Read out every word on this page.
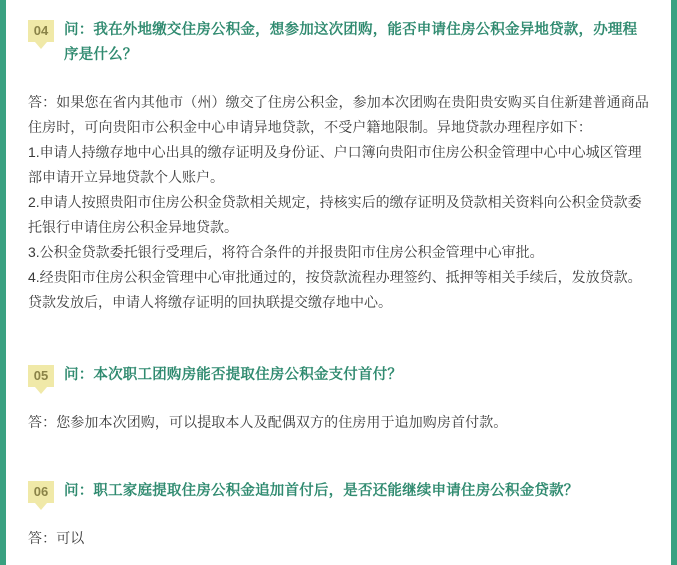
04	问：我在外地缴交住房公积金，想参加这次团购，能否申请住房公积金异地贷款，办理程序是什么？
答：如果您在省内其他市（州）缴交了住房公积金，参加本次团购在贵阳贵安购买自住新建普通商品住房时，可向贵阳市公积金中心申请异地贷款，不受户籍地限制。异地贷款办理程序如下：
1.申请人持缴存地中心出具的缴存证明及身份证、户口簿向贵阳市住房公积金管理中心中心城区管理部申请开立异地贷款个人账户。
2.申请人按照贵阳市住房公积金贷款相关规定，持核实后的缴存证明及贷款相关资料向公积金贷款委托银行申请住房公积金异地贷款。
3.公积金贷款委托银行受理后，将符合条件的并报贵阳市住房公积金管理中心审批。
4.经贵阳市住房公积金管理中心审批通过的，按贷款流程办理签约、抵押等相关手续后，发放贷款。
贷款发放后，申请人将缴存证明的回执联提交缴存地中心。
05	问：本次职工团购房能否提取住房公积金支付首付？
答：您参加本次团购，可以提取本人及配偶双方的住房用于追加购房首付款。
06	问：职工家庭提取住房公积金追加首付后，是否还能继续申请住房公积金贷款？
答：可以
